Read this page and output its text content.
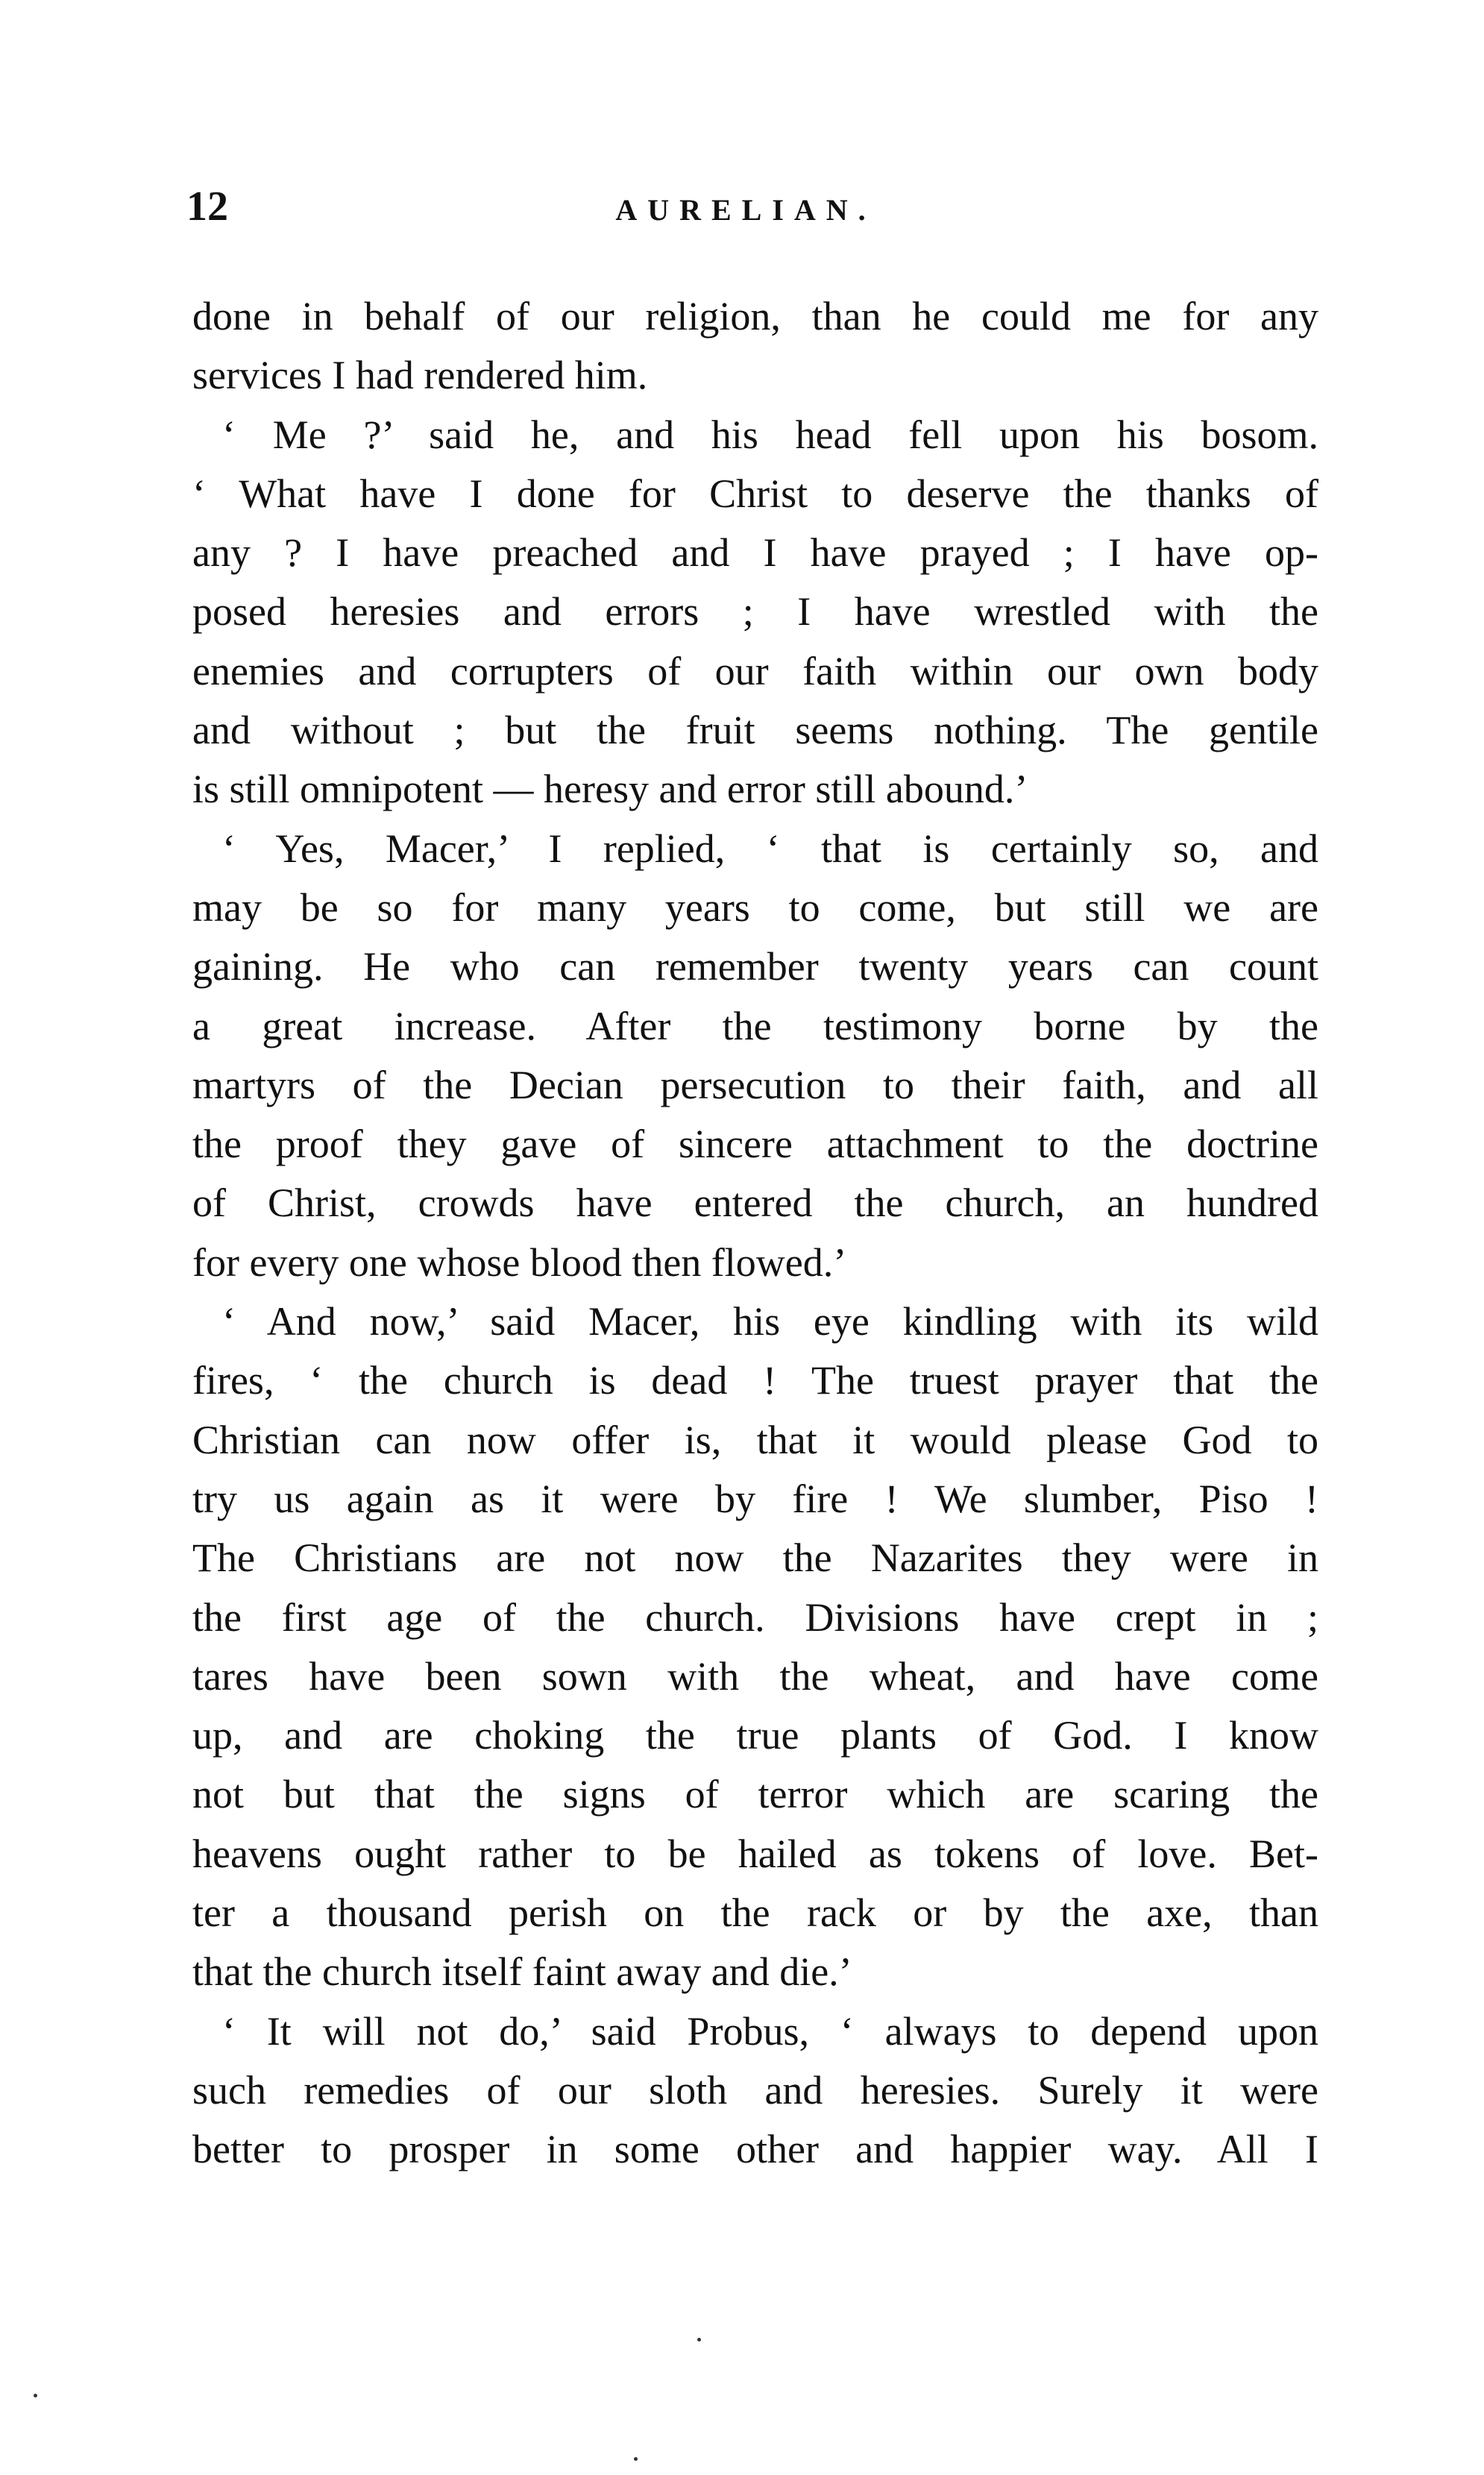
12	AURELIAN.
done in behalf of our religion, than he could me for any
services I had rendered him.
‘ Me ?’ said he, and his head fell upon his bosom.
‘ What have I done for Christ to deserve the thanks of
any ? I have preached and I have prayed ; I have op-
posed heresies and errors ; I have wrestled with the
enemies and corrupters of our faith within our own body
and without ; but the fruit seems nothing. The gentile
is still omnipotent — heresy and error still abound.’
‘ Yes, Macer,’ I replied, ‘ that is certainly so, and
may be so for many years to come, but still we are
gaining. He who can remember twenty years can count
a great increase. After the testimony borne by the
martyrs of the Decian persecution to their faith, and all
the proof they gave of sincere attachment to the doctrine
of Christ, crowds have entered the church, an hundred
for every one whose blood then flowed.’
‘ And now,’ said Macer, his eye kindling with its wild
fires, ‘ the church is dead ! The truest prayer that the
Christian can now offer is, that it would please God to
try us again as it were by fire ! We slumber, Piso !
The Christians are not now the Nazarites they were in
the first age of the church. Divisions have crept in ;
tares have been sown with the wheat, and have come
up, and are choking the true plants of God. I know
not but that the signs of terror which are scaring the
heavens ought rather to be hailed as tokens of love. Bet-
ter a thousand perish on the rack or by the axe, than
that the church itself faint away and die.’
‘ It will not do,’ said Probus, ‘ always to depend upon
such remedies of our sloth and heresies. Surely it were
better to prosper in some other and happier way. All I
